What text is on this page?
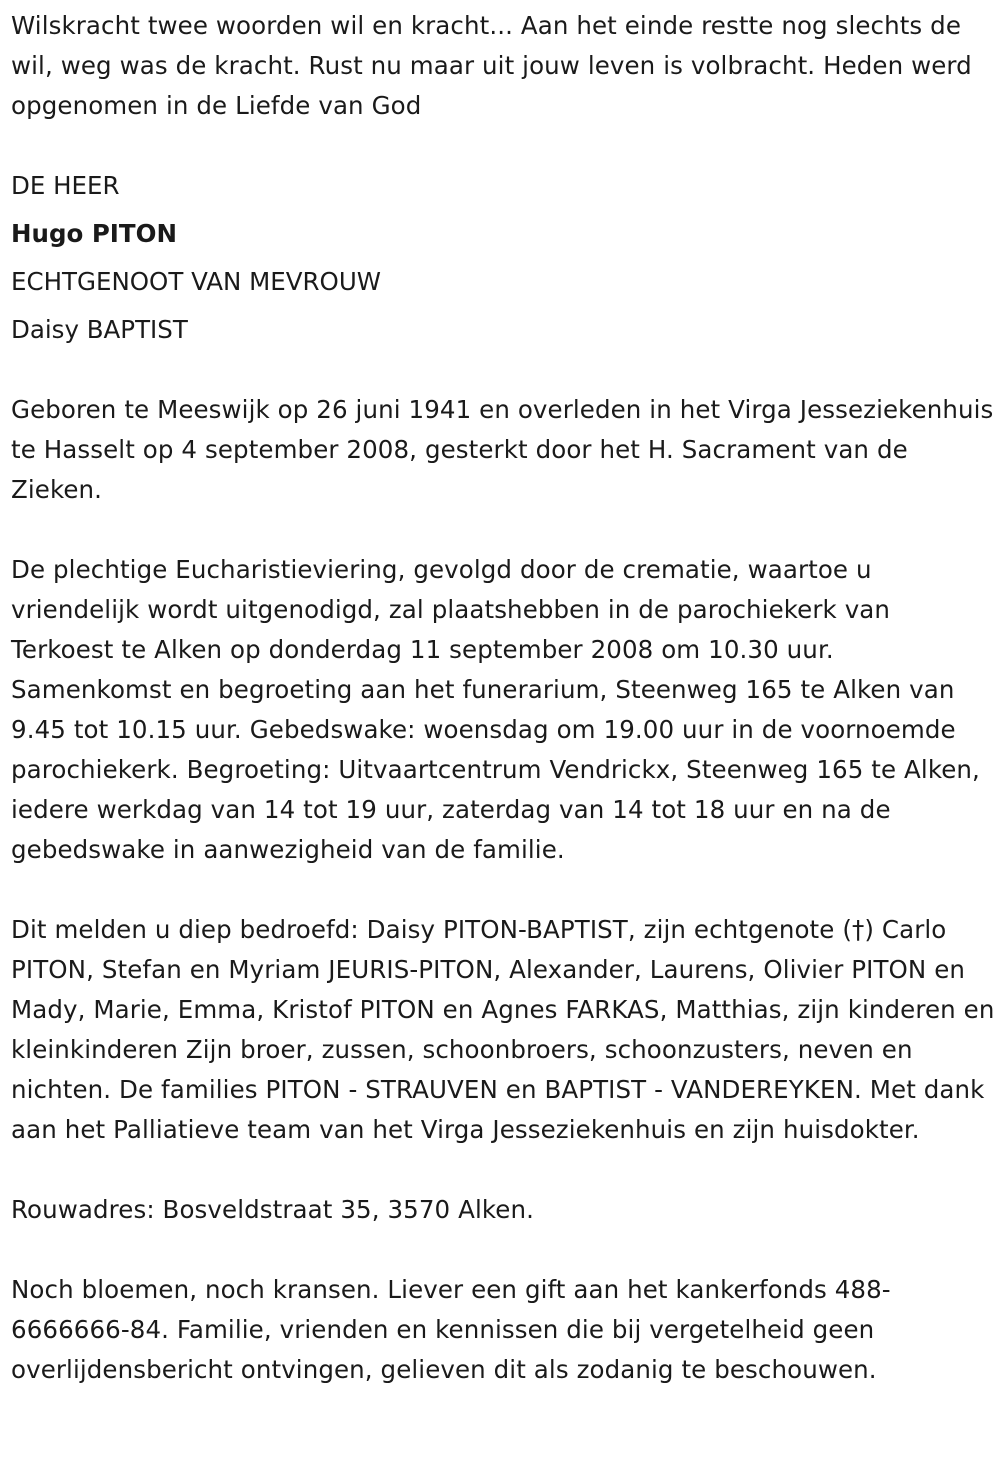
Wilskracht twee woorden wil en kracht... Aan het einde restte nog slechts de wil, weg was de kracht. Rust nu maar uit jouw leven is volbracht. Heden werd opgenomen in de Liefde van God

DE HEER

Hugo PITON

ECHTGENOOT VAN MEVROUW

Daisy BAPTIST

Geboren te Meeswijk op 26 juni 1941 en overleden in het Virga Jesseziekenhuis te Hasselt op 4 september 2008, gesterkt door het H. Sacrament van de Zieken.

De plechtige Eucharistieviering, gevolgd door de crematie, waartoe u vriendelijk wordt uitgenodigd, zal plaatshebben in de parochiekerk van Terkoest te Alken op donderdag 11 september 2008 om 10.30 uur. Samenkomst en begroeting aan het funerarium, Steenweg 165 te Alken van 9.45 tot 10.15 uur. Gebedswake: woensdag om 19.00 uur in de voornoemde parochiekerk. Begroeting: Uitvaartcentrum Vendrickx, Steenweg 165 te Alken, iedere werkdag van 14 tot 19 uur, zaterdag van 14 tot 18 uur en na de gebedswake in aanwezigheid van de familie.

Dit melden u diep bedroefd: Daisy PITON-BAPTIST, zijn echtgenote (†) Carlo PITON, Stefan en Myriam JEURIS-PITON, Alexander, Laurens, Olivier PITON en Mady, Marie, Emma, Kristof PITON en Agnes FARKAS, Matthias, zijn kinderen en kleinkinderen Zijn broer, zussen, schoonbroers, schoonzusters, neven en nichten. De families PITON - STRAUVEN en BAPTIST - VANDEREYKEN. Met dank aan het Palliatieve team van het Virga Jesseziekenhuis en zijn huisdokter.

Rouwadres: Bosveldstraat 35, 3570 Alken.

Noch bloemen, noch kransen. Liever een gift aan het kankerfonds 488-6666666-84. Familie, vrienden en kennissen die bij vergetelheid geen overlijdensbericht ontvingen, gelieven dit als zodanig te beschouwen.
